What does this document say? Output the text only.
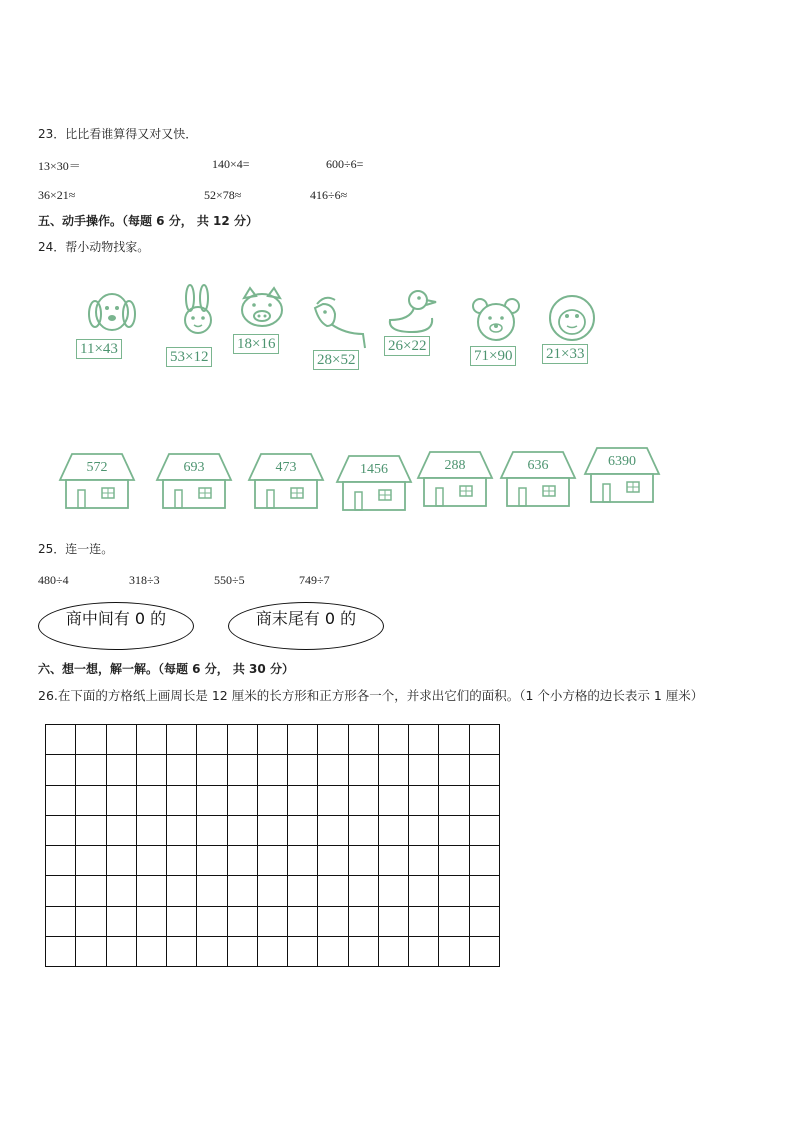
23．比比看谁算得又对又快．
13×30＝	140×4=	600÷6=
36×21≈	52×78≈	416÷6≈
五、动手操作。（每题 6 分， 共 12 分）
24．帮小动物找家。
11×43	53×12
18×16
28×52
26×22
71×90 21×33
572	693	473	1456	288	636	6390
25．连一连。
480÷4	318÷3	550÷5	749÷7
商中间有 0 的	商末尾有 0 的
六、想一想，解一解。（每题 6 分， 共 30 分）
26.在下面的方格纸上画周长是 12 厘米的长方形和正方形各一个，并求出它们的面积。（1 个小方格的边长表示 1 厘米）
